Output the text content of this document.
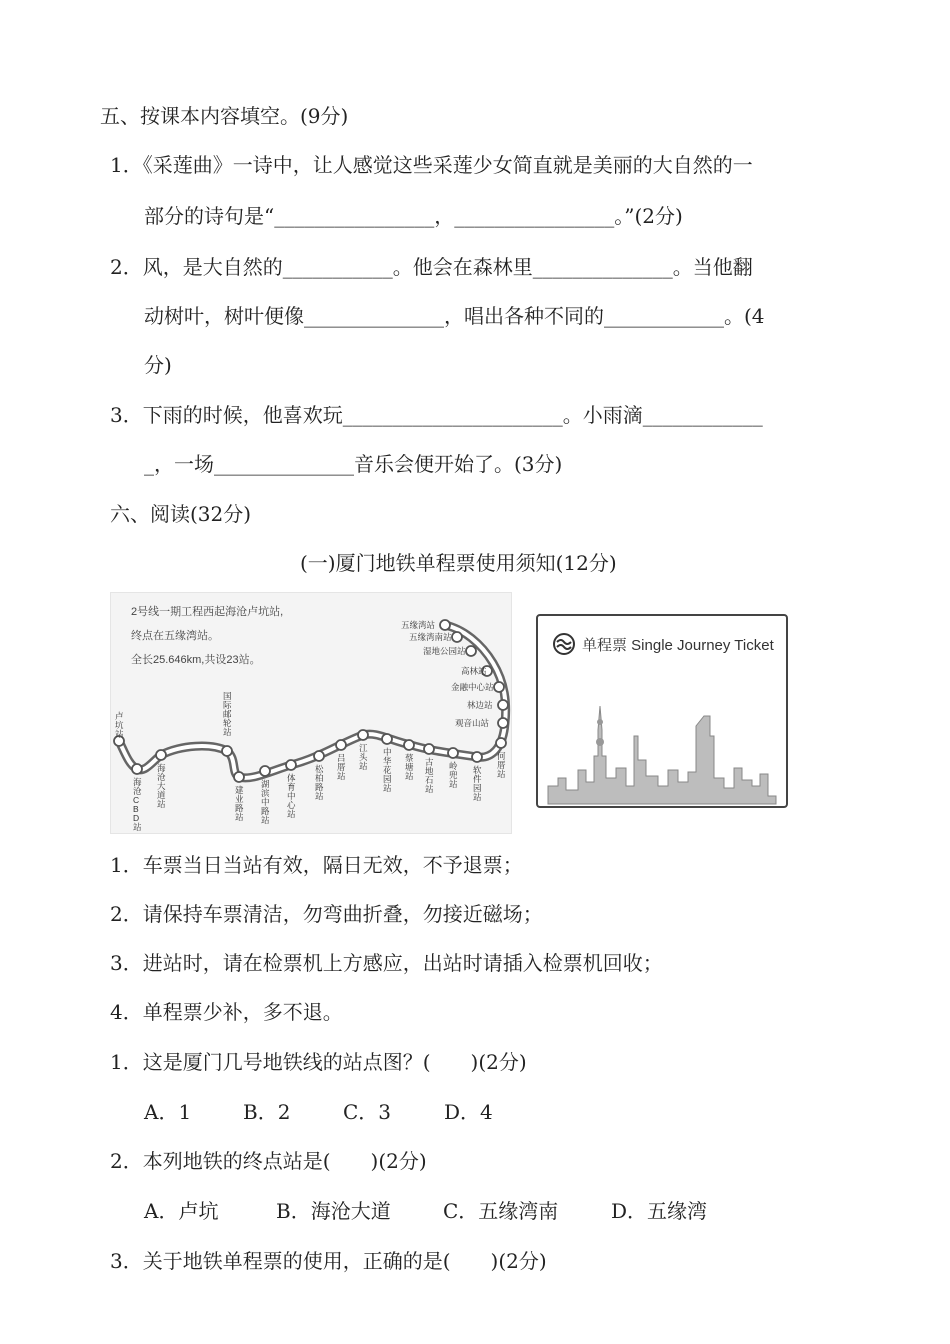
五、按课本内容填空。(9分)
1．《采莲曲》一诗中，让人感觉这些采莲少女简直就是美丽的大自然的一
部分的诗句是“________________，________________。”(2分)
2．风，是大自然的___________。他会在森林里______________。当他翻
动树叶，树叶便像______________，唱出各种不同的____________。(4
分)
3．下雨的时候，他喜欢玩______________________。小雨滴____________
_，一场______________音乐会便开始了。(3分)
六、阅读(32分)
(一)厦门地铁单程票使用须知(12分)
2号线一期工程西起海沧卢坑站,
终点在五缘湾站。
全长25.646km,共设23站。
卢坑站
海沧 C B D 站
海沧大道站
国际邮轮站
建业路站
湖滨中路站
体育中心站
松柏路站
吕厝站
江头站
中华花园站
蔡塘站
古地石站
岭兜站
软件园站
何厝站
观音山站
林边站
金融中心站
高林站
湿地公园站
五缘湾南站
五缘湾站
单程票 Single Journey Ticket
1．车票当日当站有效，隔日无效，不予退票；
2．请保持车票清洁，勿弯曲折叠，勿接近磁场；
3．进站时，请在检票机上方感应，出站时请插入检票机回收；
4．单程票少补，多不退。
1．这是厦门几号地铁线的站点图？(　　)(2分)
A．1	B．2	C．3	D．4
2．本列地铁的终点站是(　　)(2分)
A．卢坑	B．海沧大道	C．五缘湾南	D．五缘湾
3．关于地铁单程票的使用，正确的是(　　)(2分)
